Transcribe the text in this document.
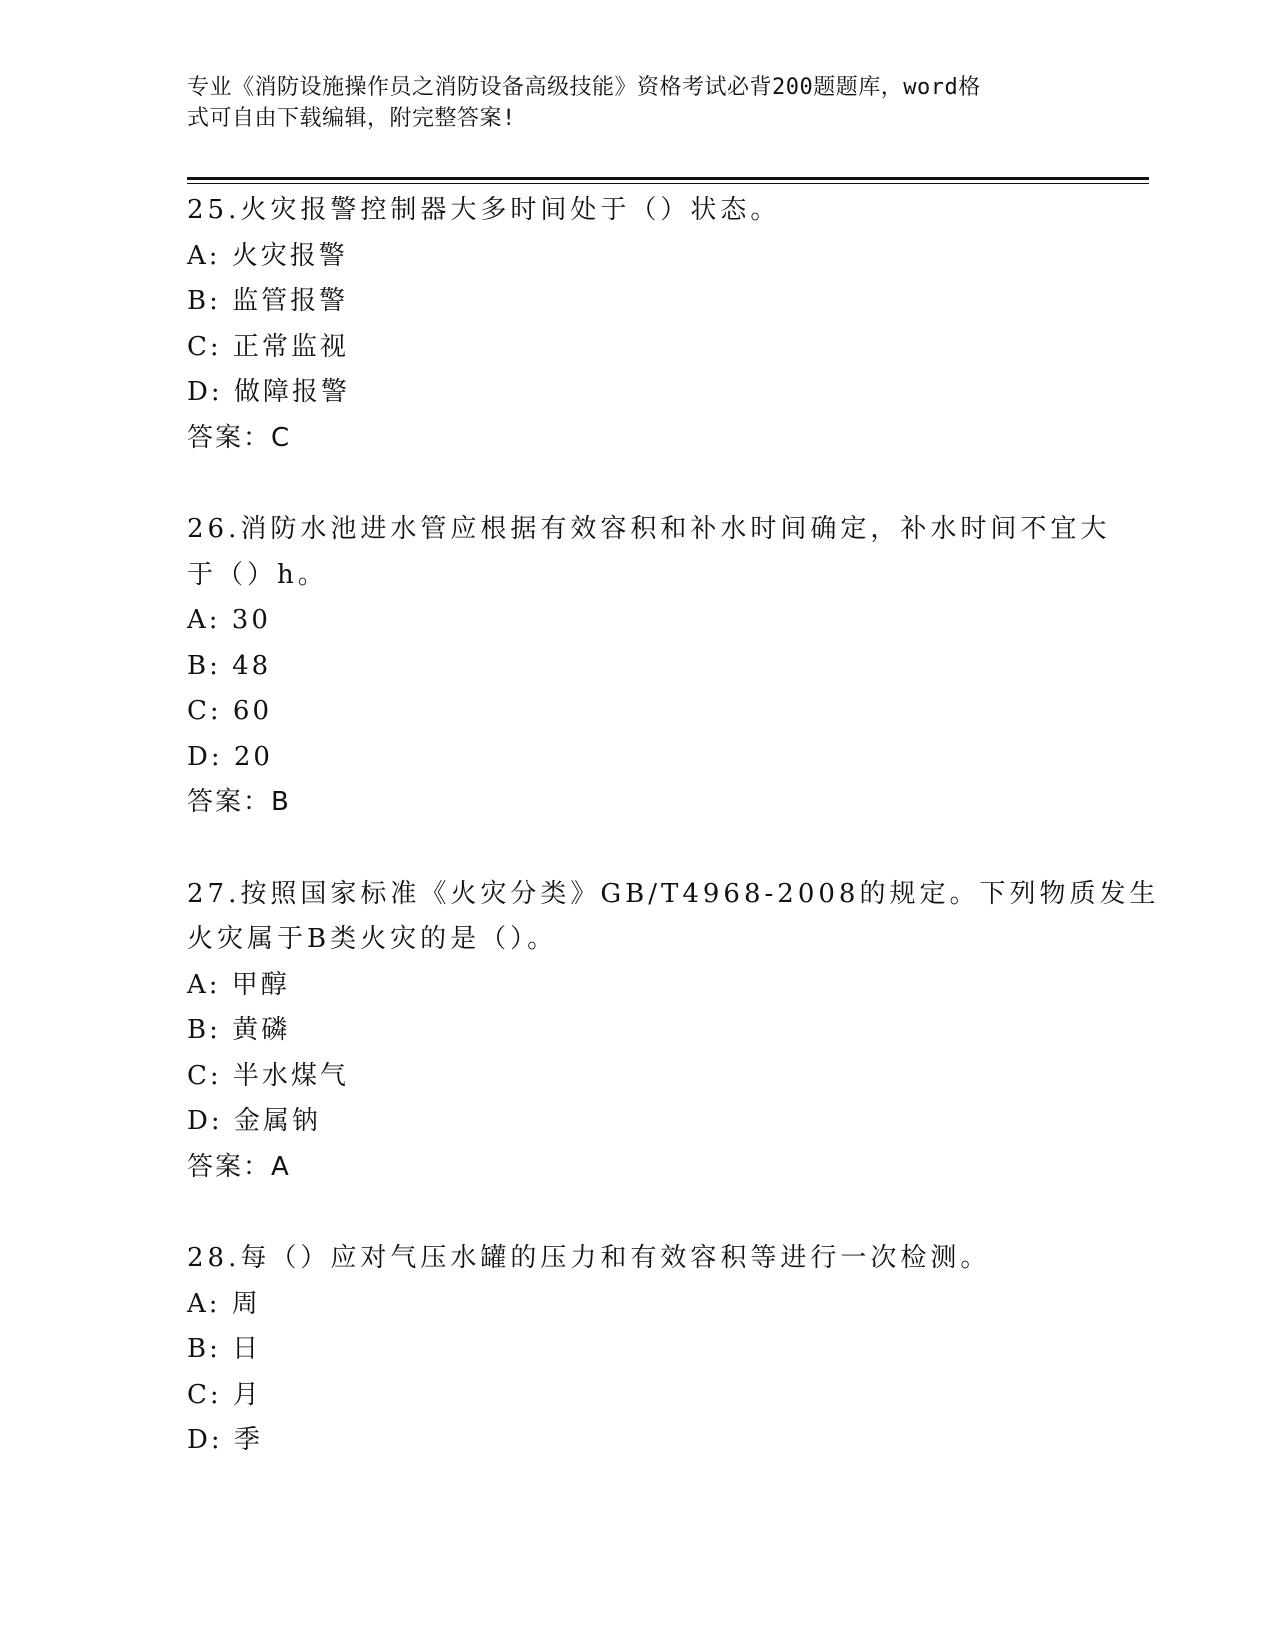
专业《消防设施操作员之消防设备高级技能》资格考试必背200题题库，word格
式可自由下载编辑，附完整答案!
25.火灾报警控制器大多时间处于（）状态。
A: 火灾报警
B: 监管报警
C: 正常监视
D: 做障报警
答案：C
26.消防水池进水管应根据有效容积和补水时间确定，补水时间不宜大
于（）h。
A: 30
B: 48
C: 60
D: 20
答案：B
27.按照国家标准《火灾分类》GB/T4968-2008的规定。下列物质发生
火灾属于B类火灾的是（）。
A: 甲醇
B: 黄磷
C: 半水煤气
D: 金属钠
答案：A
28.每（）应对气压水罐的压力和有效容积等进行一次检测。
A: 周
B: 日
C: 月
D: 季
